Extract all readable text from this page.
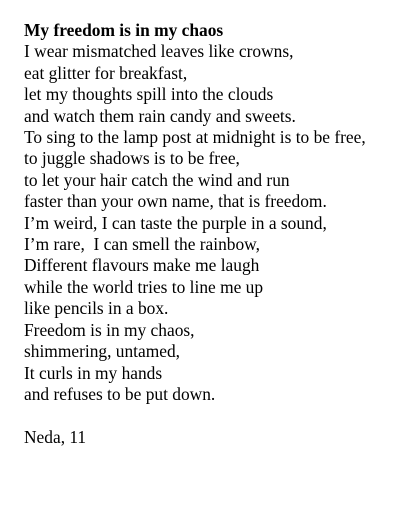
My freedom is in my chaos
I wear mismatched leaves like crowns,
eat glitter for breakfast,
let my thoughts spill into the clouds
and watch them rain candy and sweets.
To sing to the lamp post at midnight is to be free,
to juggle shadows is to be free,
to let your hair catch the wind and run
faster than your own name, that is freedom.
I’m weird, I can taste the purple in a sound,
I’m rare,  I can smell the rainbow,
Different flavours make me laugh
while the world tries to line me up
like pencils in a box.
Freedom is in my chaos,
shimmering, untamed,
It curls in my hands
and refuses to be put down.
Neda, 11
